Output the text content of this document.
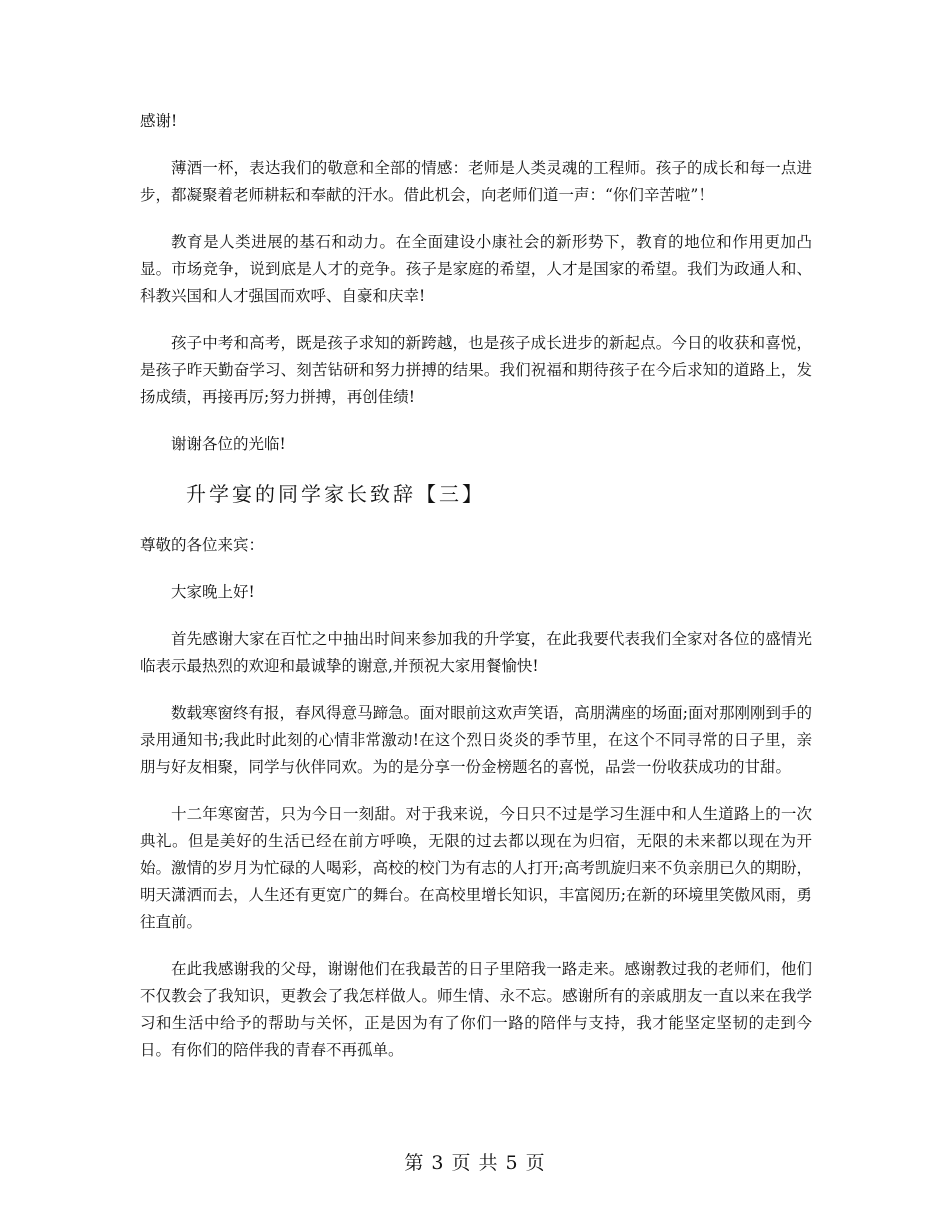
感谢!

薄酒一杯，表达我们的敬意和全部的情感：老师是人类灵魂的工程师。孩子的成长和每一点进步，都凝聚着老师耕耘和奉献的汗水。借此机会，向老师们道一声：“你们辛苦啦”！

教育是人类进展的基石和动力。在全面建设小康社会的新形势下，教育的地位和作用更加凸显。市场竞争，说到底是人才的竞争。孩子是家庭的希望，人才是国家的希望。我们为政通人和、科教兴国和人才强国而欢呼、自豪和庆幸!

孩子中考和高考，既是孩子求知的新跨越，也是孩子成长进步的新起点。今日的收获和喜悦，是孩子昨天勤奋学习、刻苦钻研和努力拼搏的结果。我们祝福和期待孩子在今后求知的道路上，发扬成绩，再接再厉;努力拼搏，再创佳绩!

谢谢各位的光临!

升学宴的同学家长致辞【三】

尊敬的各位来宾：

大家晚上好!

首先感谢大家在百忙之中抽出时间来参加我的升学宴，在此我要代表我们全家对各位的盛情光临表示最热烈的欢迎和最诚挚的谢意,并预祝大家用餐愉快!

数载寒窗终有报，春风得意马蹄急。面对眼前这欢声笑语，高朋满座的场面;面对那刚刚到手的录用通知书;我此时此刻的心情非常激动!在这个烈日炎炎的季节里，在这个不同寻常的日子里，亲朋与好友相聚，同学与伙伴同欢。为的是分享一份金榜题名的喜悦，品尝一份收获成功的甘甜。

十二年寒窗苦，只为今日一刻甜。对于我来说，今日只不过是学习生涯中和人生道路上的一次典礼。但是美好的生活已经在前方呼唤，无限的过去都以现在为归宿，无限的未来都以现在为开始。激情的岁月为忙碌的人喝彩，高校的校门为有志的人打开;高考凯旋归来不负亲朋已久的期盼，明天潇洒而去，人生还有更宽广的舞台。在高校里增长知识，丰富阅历;在新的环境里笑傲风雨，勇往直前。

在此我感谢我的父母，谢谢他们在我最苦的日子里陪我一路走来。感谢教过我的老师们，他们不仅教会了我知识，更教会了我怎样做人。师生情、永不忘。感谢所有的亲戚朋友一直以来在我学习和生活中给予的帮助与关怀，正是因为有了你们一路的陪伴与支持，我才能坚定坚韧的走到今日。有你们的陪伴我的青春不再孤单。

第 3 页 共 5 页
